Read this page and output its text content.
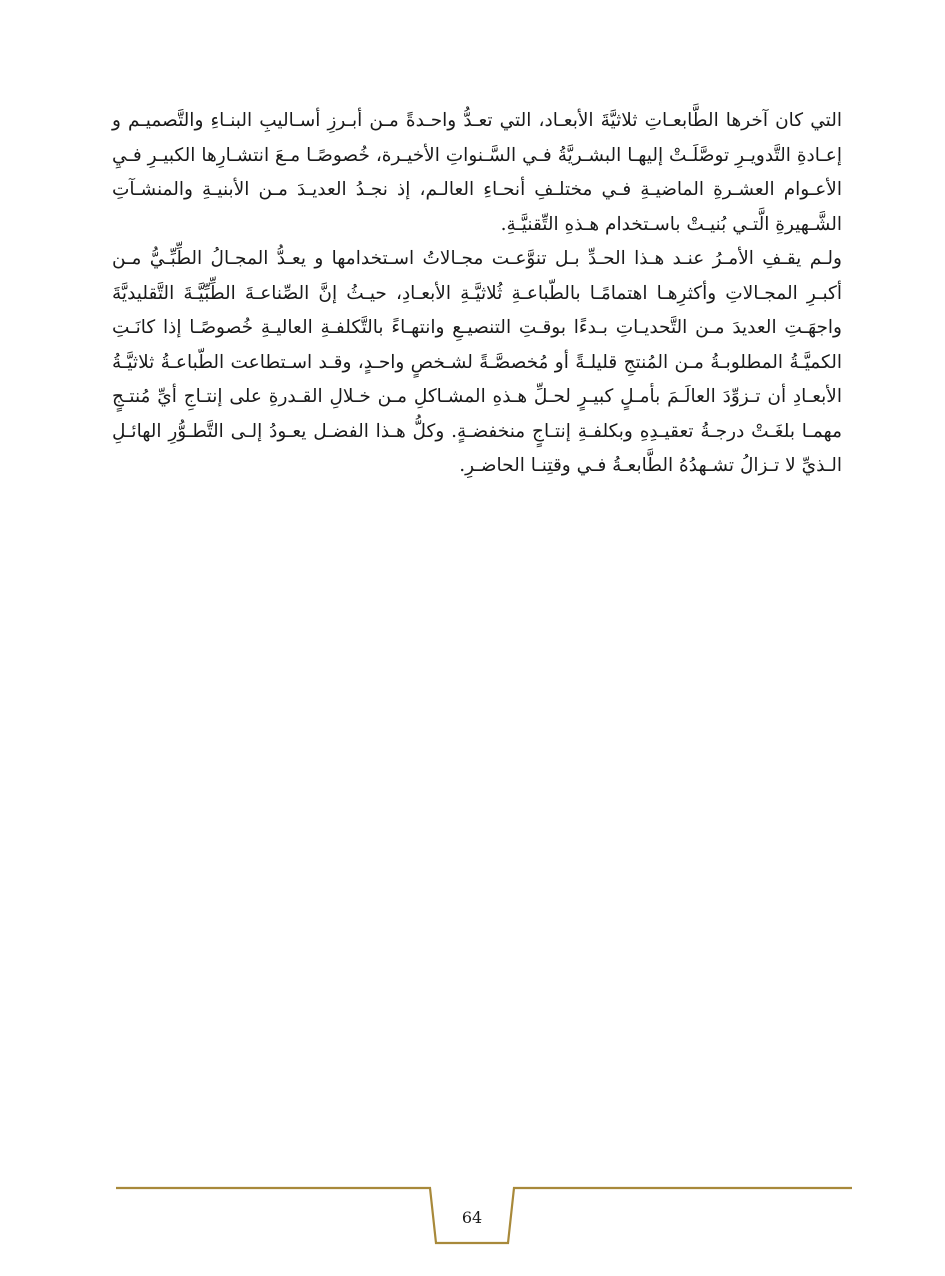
التي كان آخرها الطَّابعـاتِ ثلاثيَّةَ الأبعـاد، التي تعـدُّ واحـدةً مـن أبـرزِ أسـاليبِ البنـاءِ والتَّصميـم و إعـادةِ التَّدويـرِ توصَّلَـتْ إليهـا البشـريَّةُ فـي السَّـنواتِ الأخيـرة، خُصوصًـا مـعَ انتشـارِها الكبيـرِ فـيِ الأعـوام العشـرةِ الماضيـةِ فـي مختلـفِ أنحـاءِ العالـم، إذ نجـدُ العديـدَ مـن الأبنيـةِ والمنشـآتِ الشَّـهيرةِ الَّتـي بُنيـتْ باسـتخدام هـذهِ التِّقنيَّـةِ.

ولـم يقـفِ الأمـرُ عنـد هـذا الحـدِّ بـل تنوَّعـت مجـالاتُ اسـتخدامها و يعـدُّ المجـالُ الطِّبِّـيُّ مـن أكبـرِ المجـالاتِ وأكثرِهـا اهتمامًـا بالطّباعـةِ ثُلاثيَّـةِ الأبعـادِ، حيـثُ إنَّ الصِّناعـةَ الطِّبِّيَّـةَ التَّقليديَّةَ واجهَـتِ العديدَ مـن التَّحديـاتِ بـدءًا بوقـتِ التنصيـعِ وانتهـاءً بالتَّكلفـةِ العاليـةِ خُصوصًـا إذا كانَـتِ الكميَّـةُ المطلوبـةُ مـن المُنتجِ قليلـةً أو مُخصصَّـةً لشـخصٍ واحـدٍ، وقـد اسـتطاعت الطّباعـةُ ثلاثيَّـةُ الأبعـادِ أن تـزوِّدَ العالَـمَ بأمـلٍ كبيـرٍ لحـلِّ هـذهِ المشـاكلِ مـن خـلالِ القـدرةِ على إنتـاجِ أيِّ مُنتـجٍ مهمـا بلغَـتْ درجـةُ تعقيـدِهِ وبكلفـةِ إنتـاجٍ منخفضـةٍ. وكلُّ هـذا الفضـل يعـودُ إلـى التَّطـوُّرِ الهائـلِ الـذيِّ لا تـزالُ تشـهدُهُ الطَّابعـةُ فـي وقتِنـا الحاضـرِ.

64
